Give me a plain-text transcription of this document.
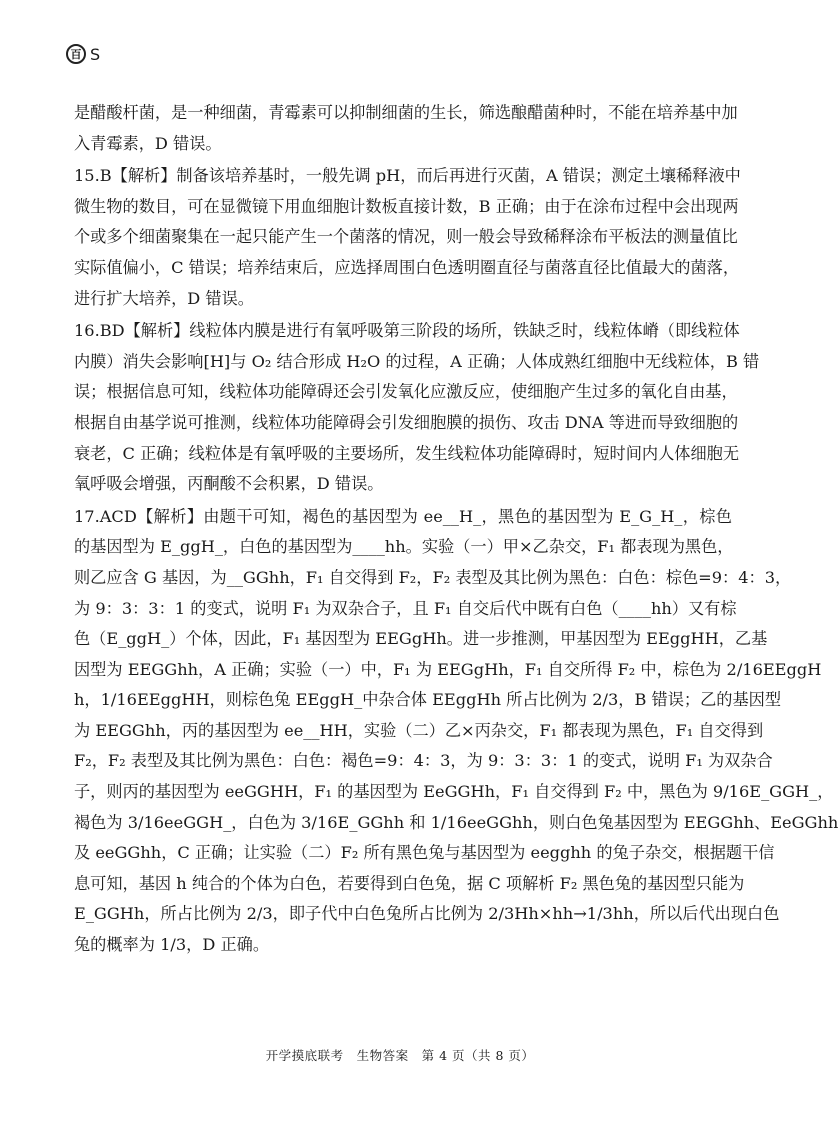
百 S
是醋酸杆菌，是一种细菌，青霉素可以抑制细菌的生长，筛选酿醋菌种时，不能在培养基中加
入青霉素，D 错误。
15.B【解析】制备该培养基时，一般先调 pH，而后再进行灭菌，A 错误；测定土壤稀释液中
微生物的数目，可在显微镜下用血细胞计数板直接计数，B 正确；由于在涂布过程中会出现两
个或多个细菌聚集在一起只能产生一个菌落的情况，则一般会导致稀释涂布平板法的测量值比
实际值偏小，C 错误；培养结束后，应选择周围白色透明圈直径与菌落直径比值最大的菌落，
进行扩大培养，D 错误。
16.BD【解析】线粒体内膜是进行有氧呼吸第三阶段的场所，铁缺乏时，线粒体嵴（即线粒体
内膜）消失会影响[H]与 O₂ 结合形成 H₂O 的过程，A 正确；人体成熟红细胞中无线粒体，B 错
误；根据信息可知，线粒体功能障碍还会引发氧化应激反应，使细胞产生过多的氧化自由基，
根据自由基学说可推测，线粒体功能障碍会引发细胞膜的损伤、攻击 DNA 等进而导致细胞的
衰老，C 正确；线粒体是有氧呼吸的主要场所，发生线粒体功能障碍时，短时间内人体细胞无
氧呼吸会增强，丙酮酸不会积累，D 错误。
17.ACD【解析】由题干可知，褐色的基因型为 ee__H_，黑色的基因型为 E_G_H_，棕色
的基因型为 E_ggH_，白色的基因型为____hh。实验（一）甲×乙杂交，F₁ 都表现为黑色，
则乙应含 G 基因，为__GGhh，F₁ 自交得到 F₂，F₂ 表型及其比例为黑色：白色：棕色=9：4：3，
为 9：3：3：1 的变式，说明 F₁ 为双杂合子，且 F₁ 自交后代中既有白色（____hh）又有棕
色（E_ggH_）个体，因此，F₁ 基因型为 EEGgHh。进一步推测，甲基因型为 EEggHH，乙基
因型为 EEGGhh，A 正确；实验（一）中，F₁ 为 EEGgHh，F₁ 自交所得 F₂ 中，棕色为 2/16EEggH
h，1/16EEggHH，则棕色兔 EEggH_中杂合体 EEggHh 所占比例为 2/3，B 错误；乙的基因型
为 EEGGhh，丙的基因型为 ee__HH，实验（二）乙×丙杂交，F₁ 都表现为黑色，F₁ 自交得到
F₂，F₂ 表型及其比例为黑色：白色：褐色=9：4：3，为 9：3：3：1 的变式，说明 F₁ 为双杂合
子，则丙的基因型为 eeGGHH，F₁ 的基因型为 EeGGHh，F₁ 自交得到 F₂ 中，黑色为 9/16E_GGH_，
褐色为 3/16eeGGH_，白色为 3/16E_GGhh 和 1/16eeGGhh，则白色兔基因型为 EEGGhh、EeGGhh
及 eeGGhh，C 正确；让实验（二）F₂ 所有黑色兔与基因型为 eegghh 的兔子杂交，根据题干信
息可知，基因 h 纯合的个体为白色，若要得到白色兔，据 C 项解析 F₂ 黑色兔的基因型只能为
E_GGHh，所占比例为 2/3，即子代中白色兔所占比例为 2/3Hh×hh→1/3hh，所以后代出现白色
兔的概率为 1/3，D 正确。
开学摸底联考　生物答案　第 4 页（共 8 页）
